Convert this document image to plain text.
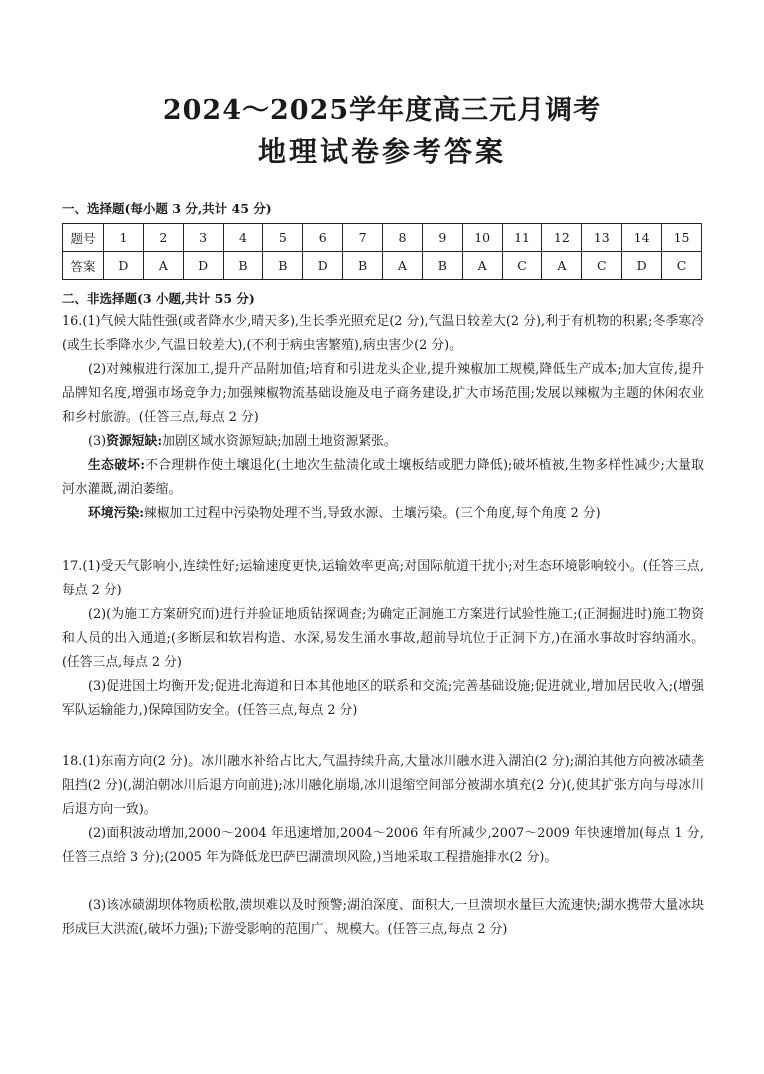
2024～2025学年度高三元月调考
地理试卷参考答案
一、选择题(每小题 3 分,共计 45 分)
题号	1	2	3	4	5	6	7	8	9	10	11	12	13	14	15
答案	D	A	D	B	B	D	B	A	B	A	C	A	C	D	C
二、非选择题(3 小题,共计 55 分)
16.(1)气候大陆性强(或者降水少,晴天多),生长季光照充足(2 分),气温日较差大(2 分),利于有机物的积累;冬季寒冷(或生长季降水少,气温日较差大),(不利于病虫害繁殖),病虫害少(2 分)。
(2)对辣椒进行深加工,提升产品附加值;培育和引进龙头企业,提升辣椒加工规模,降低生产成本;加大宣传,提升品牌知名度,增强市场竞争力;加强辣椒物流基础设施及电子商务建设,扩大市场范围;发展以辣椒为主题的休闲农业和乡村旅游。(任答三点,每点 2 分)
(3)资源短缺:加剧区域水资源短缺;加剧土地资源紧张。
生态破坏:不合理耕作使土壤退化(土地次生盐渍化或土壤板结或肥力降低);破坏植被,生物多样性减少;大量取河水灌溉,湖泊萎缩。
环境污染:辣椒加工过程中污染物处理不当,导致水源、土壤污染。(三个角度,每个角度 2 分)
17.(1)受天气影响小,连续性好;运输速度更快,运输效率更高;对国际航道干扰小;对生态环境影响较小。(任答三点,每点 2 分)
(2)(为施工方案研究而)进行并验证地质钻探调查;为确定正洞施工方案进行试验性施工;(正洞掘进时)施工物资和人员的出入通道;(多断层和软岩构造、水深,易发生涌水事故,超前导坑位于正洞下方,)在涌水事故时容纳涌水。(任答三点,每点 2 分)
(3)促进国土均衡开发;促进北海道和日本其他地区的联系和交流;完善基础设施;促进就业,增加居民收入;(增强军队运输能力,)保障国防安全。(任答三点,每点 2 分)
18.(1)东南方向(2 分)。冰川融水补给占比大,气温持续升高,大量冰川融水进入湖泊(2 分);湖泊其他方向被冰碛垄阻挡(2 分)(,湖泊朝冰川后退方向前进);冰川融化崩塌,冰川退缩空间部分被湖水填充(2 分)(,使其扩张方向与母冰川后退方向一致)。
(2)面积波动增加,2000～2004 年迅速增加,2004～2006 年有所减少,2007～2009 年快速增加(每点 1 分,任答三点给 3 分);(2005 年为降低龙巴萨巴湖溃坝风险,)当地采取工程措施排水(2 分)。
(3)该冰碛湖坝体物质松散,溃坝难以及时预警;湖泊深度、面积大,一旦溃坝水量巨大流速快;湖水携带大量冰块形成巨大洪流(,破坏力强);下游受影响的范围广、规模大。(任答三点,每点 2 分)
